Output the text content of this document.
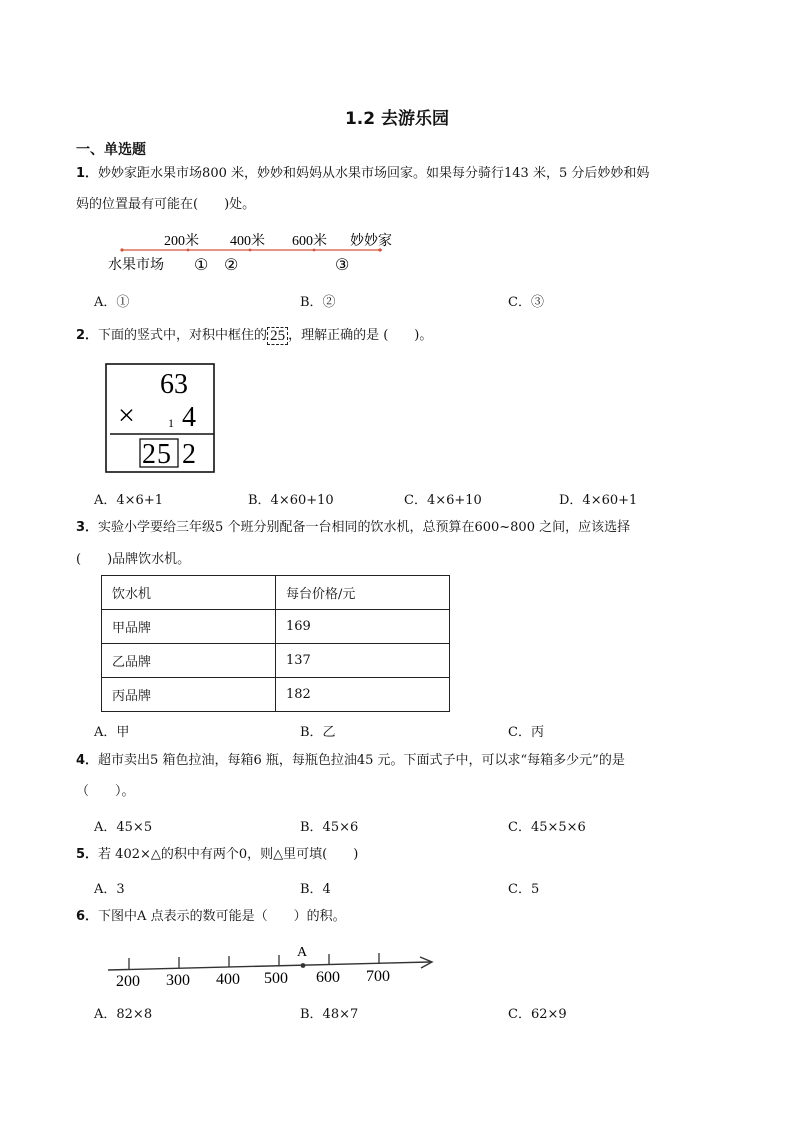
1.2 去游乐园
一、单选题
1．妙妙家距水果市场800 米，妙妙和妈妈从水果市场回家。如果每分骑行143 米，5 分后妙妙和妈
妈的位置最有可能在(　　)处。
200米 400米 600米 妙妙家
水果市场 ① ②	③
A．①	B．②	C．③
2．下面的竖式中，对积中框住的 25 ，理解正确的是 (　　)。
63
×	1 4
25 2
A．4×6+1	B．4×60+10	C．4×6+10	D．4×60+1
3．实验小学要给三年级5 个班分别配备一台相同的饮水机，总预算在600~800 之间，应该选择
(　　)品牌饮水机。
饮水机	每台价格/元
甲品牌	169
乙品牌	137
丙品牌	182
A．甲	B．乙	C．丙
4．超市卖出5 箱色拉油，每箱6 瓶，每瓶色拉油45 元。下面式子中，可以求“每箱多少元”的是
（　　）。
A．45×5	B．45×6	C．45×5×6
5．若 402×△的积中有两个0，则△里可填(　　)
A．3	B．4	C．5
6．下图中A 点表示的数可能是（　　）的积。
A
200 300 400 500 600 700
A．82×8	B．48×7	C．62×9
